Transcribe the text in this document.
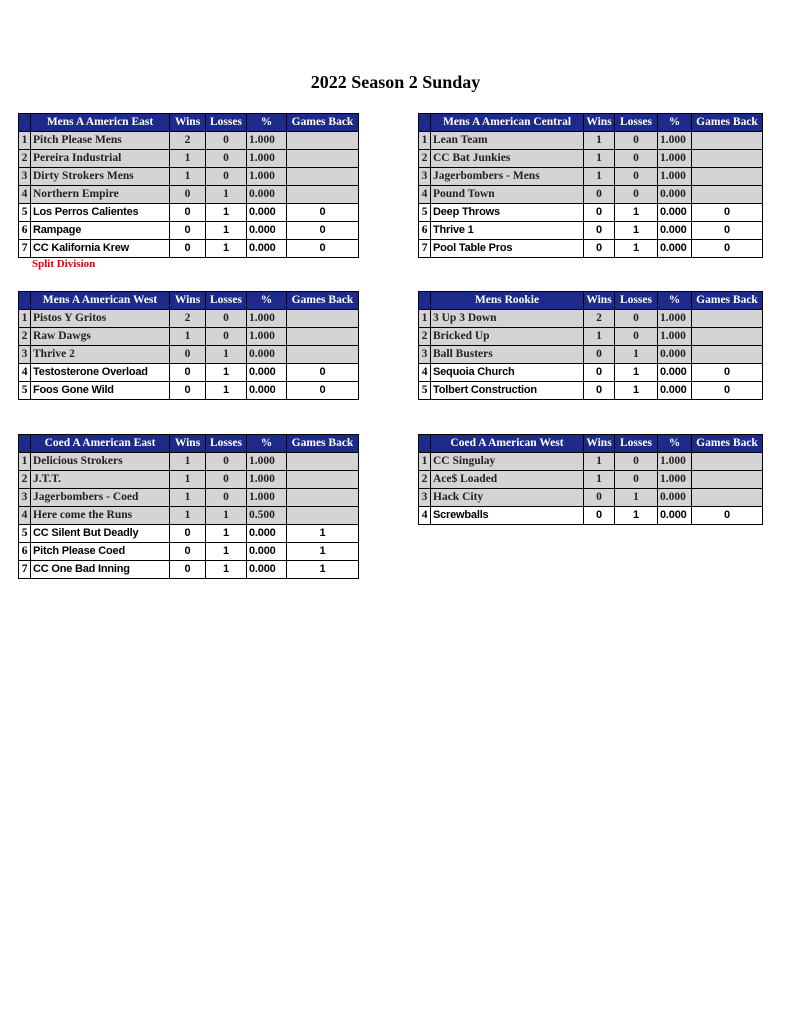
2022 Season 2 Sunday
	Mens A Americn East	Wins	Losses	%	Games Back
1	Pitch Please Mens	2	0	1.000	
2	Pereira Industrial	1	0	1.000	
3	Dirty Strokers Mens	1	0	1.000	
4	Northern Empire	0	1	0.000	
5	Los Perros Calientes	0	1	0.000	0
6	Rampage	0	1	0.000	0
7	CC Kalifornia Krew	0	1	0.000	0
	Mens A American Central	Wins	Losses	%	Games Back
1	Lean Team	1	0	1.000	
2	CC Bat Junkies	1	0	1.000	
3	Jagerbombers - Mens	1	0	1.000	
4	Pound Town	0	0	0.000	
5	Deep Throws	0	1	0.000	0
6	Thrive 1	0	1	0.000	0
7	Pool Table Pros	0	1	0.000	0
	Mens A American West	Wins	Losses	%	Games Back
1	Pistos Y Gritos	2	0	1.000	
2	Raw Dawgs	1	0	1.000	
3	Thrive 2	0	1	0.000	
4	Testosterone Overload	0	1	0.000	0
5	Foos Gone Wild	0	1	0.000	0
	Mens Rookie	Wins	Losses	%	Games Back
1	3 Up 3 Down	2	0	1.000	
2	Bricked Up	1	0	1.000	
3	Ball Busters	0	1	0.000	
4	Sequoia Church	0	1	0.000	0
5	Tolbert Construction	0	1	0.000	0
	Coed A American East	Wins	Losses	%	Games Back
1	Delicious Strokers	1	0	1.000	
2	J.T.T.	1	0	1.000	
3	Jagerbombers - Coed	1	0	1.000	
4	Here come the Runs	1	1	0.500	
5	CC Silent But Deadly	0	1	0.000	1
6	Pitch Please Coed	0	1	0.000	1
7	CC One Bad Inning	0	1	0.000	1
	Coed A American West	Wins	Losses	%	Games Back
1	CC Singulay	1	0	1.000	
2	Ace$ Loaded	1	0	1.000	
3	Hack City	0	1	0.000	
4	Screwballs	0	1	0.000	0
Split Division
